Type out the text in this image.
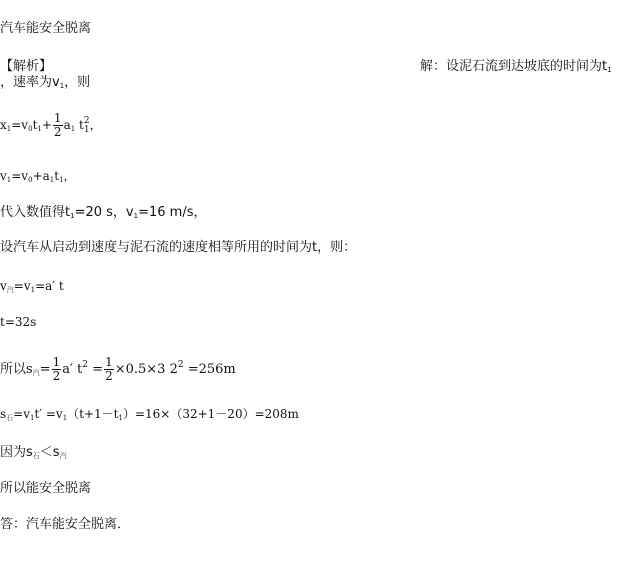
汽车能安全脱离
【解析】	解：设泥石流到达坡底的时间为$t_1$
，速率为$v_1$，则
$x_1=v_0t_1+ \frac{1}{2} a_1$ t 2
1 ，
$v_1=v_0+a_1t_1$，
代入数值得$t_1=20$ s，$v_1=16$ m/s，
设汽车从启动到速度与泥石流的速度相等所用的时间为t，则：
v汽$=v_1=a'$ t
t=32s
所以s汽= $\frac{1}{2} a'$ $t^2 = \frac{1}{2} \times 0.5\times 3$ $2^2 =256m$
s石$=v_1t' =v_1(t+1-t_1)=16\times(32+1-20)=208m$
因为s石＜s汽
所以能安全脱离
答：汽车能安全脱离．
